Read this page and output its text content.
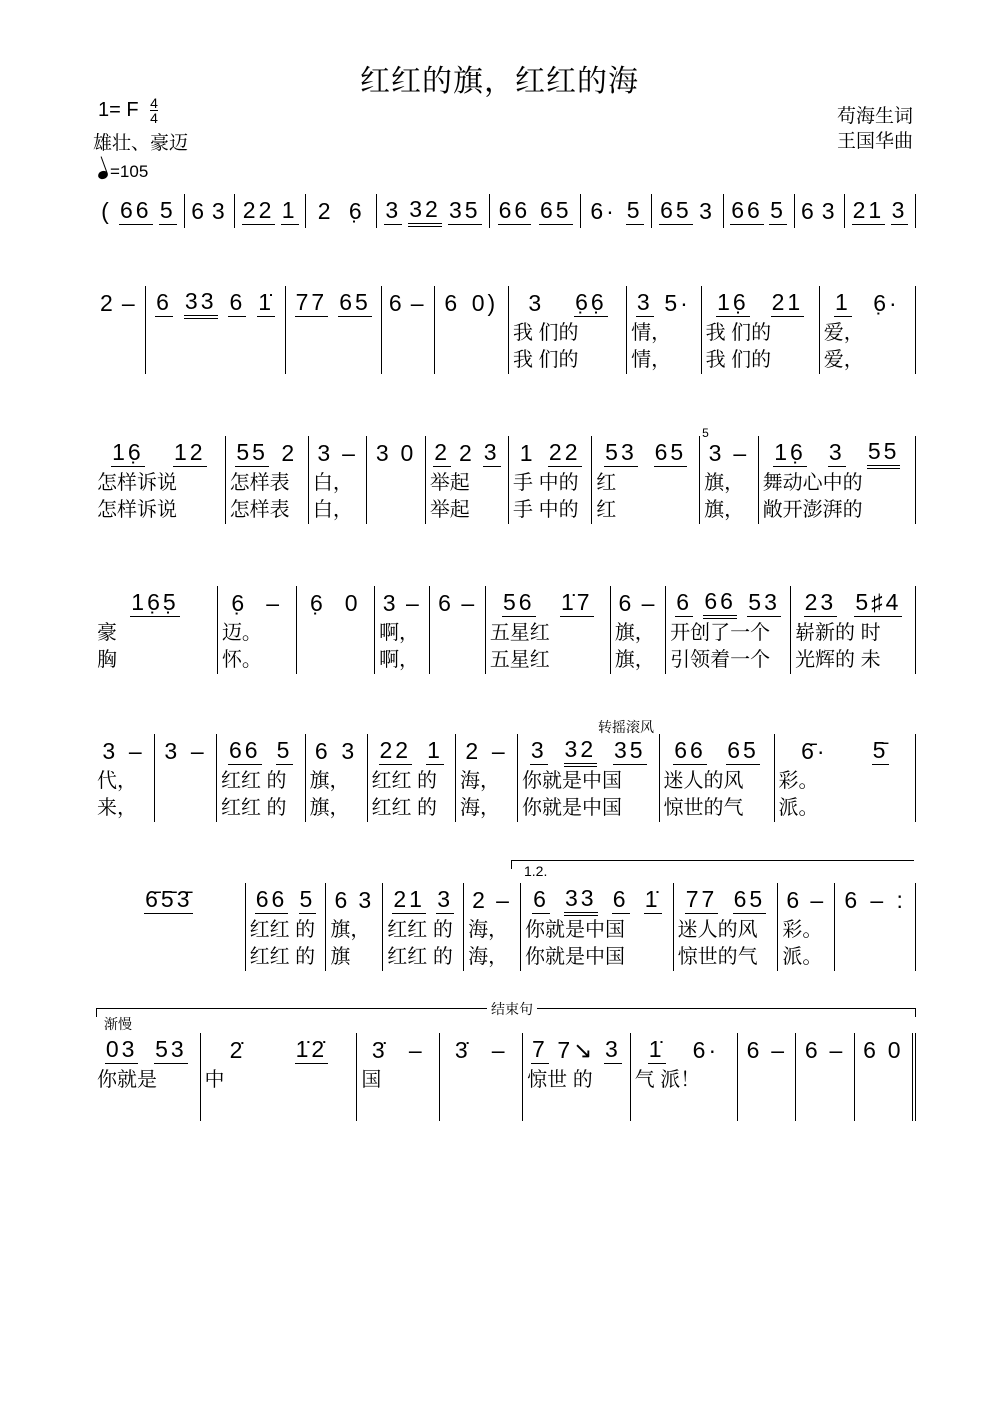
红红的旗，红红的海
1= F $\frac{4}{4}$
雄壮、豪迈
=105
苟海生词
王国华曲
转摇滚风
1.2.
结束句
渐慢
( 66 5 6 3 22 1 2 6̣ 3 32 35 66 65 6· 5 65 3 66 5 6 3 21 3
2 – 6 33 6 1̇ 77 65 6 – 6 0) 3 6̣6̣
我 们的
我 们的
3 5·
情，
情，
16̣ 21
我 们的
我 们的
1 6̣·
爱，
爱，
16̣ 12
怎样诉说
怎样诉说
55 2
怎样表
怎样表
3 –
白，
白，
3 0 2 2 3
举起
举起
1 22
手 中的
手 中的
53 65
红
红
5
3 –
旗，
旗，
16̣ 3 55
舞动心中的
敞开澎湃的
16̣5̣
豪
胸
6̣ –
迈。
怀。
6̣ 0 3 –
啊，
啊，
6 – 56 1̇7
五星红
五星红
6 –
旗，
旗，
6 66 53
开创了一个
引领着一个
23 5♯4
崭新的 时
光辉的 未
3 –
代，
来，
3 – 66 5
红红 的
红红 的
6 3
旗，
旗，
22 1
红红 的
红红 的
2 –
海，
海，
3 32 35
你就是中国
你就是中国
66 65
迷人的风
惊世的气
6̄· 5̄
彩。
派。
6̄5̄3̄	66 5
红红 的
红红 的
6 3
旗，
旗
21 3
红红 的
红红 的
2 –
海，
海，
6 33 6 1̇
你就是中国
你就是中国
77 65
迷人的风
惊世的气
6 –
彩。
派。
6 – :
03 53
你就是
2̇ 1̇2̇
中
3̇ –
国
3̇ – 7 7↘ 3
惊世 的
1̇ 6·
气 派！
6 – 6 – 6 0
